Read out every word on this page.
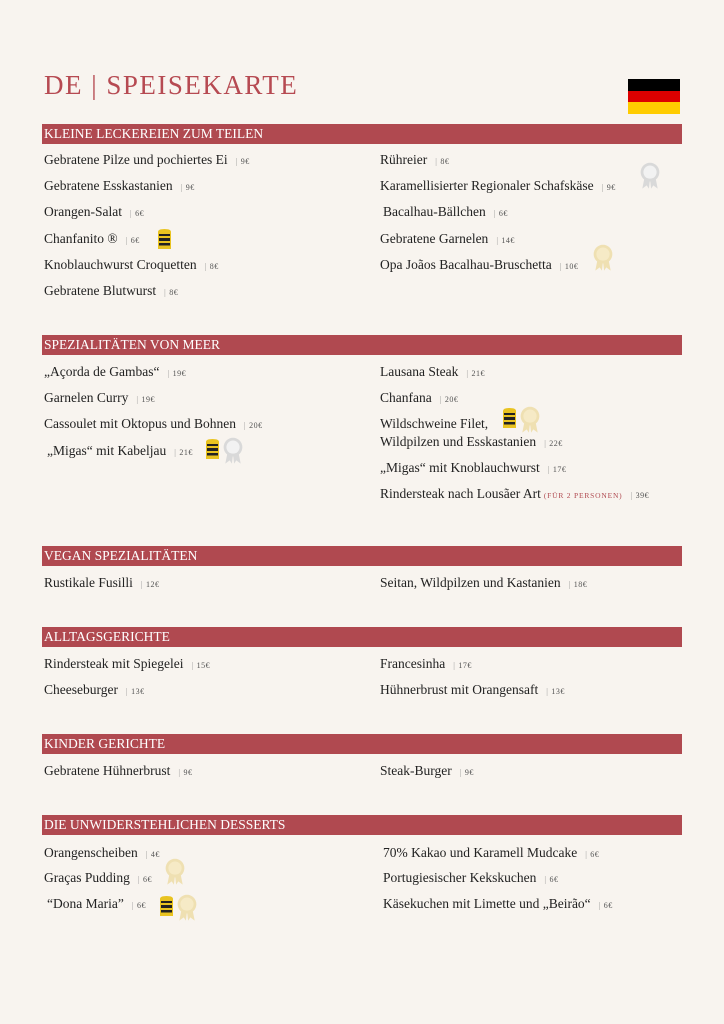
DE | SPEISEKARTE
KLEINE LECKEREIEN ZUM TEILEN
Gebratene Pilze und pochiertes Ei | 9€
Gebratene Esskastanien | 9€
Orangen-Salat | 6€
Chanfanito ® | 6€
Knoblauchwurst Croquetten | 8€
Gebratene Blutwurst | 8€
Rühreier | 8€
Karamellisierter Regionaler Schafskäse | 9€
Bacalhau-Bällchen | 6€
Gebratene Garnelen | 14€
Opa Joãos Bacalhau-Bruschetta | 10€
SPEZIALITÄTEN VON MEER
„Açorda de Gambas“ | 19€
Garnelen Curry | 19€
Cassoulet mit Oktopus und Bohnen | 20€
„Migas“ mit Kabeljau | 21€
Lausana Steak | 21€
Chanfana | 20€
Wildschweine Filet,
Wildpilzen und Esskastanien | 22€
„Migas“ mit Knoblauchwurst | 17€
Rindersteak nach Lousãer Art (FÜR 2 PERSONEN) | 39€
VEGAN SPEZIALITÄTEN
Rustikale Fusilli | 12€	Seitan, Wildpilzen und Kastanien | 18€
ALLTAGSGERICHTE
Rindersteak mit Spiegelei | 15€
Cheeseburger | 13€
Francesinha | 17€
Hühnerbrust mit Orangensaft | 13€
KINDER GERICHTE
Gebratene Hühnerbrust | 9€	Steak-Burger | 9€
DIE UNWIDERSTEHLICHEN DESSERTS
Orangenscheiben | 4€
Graças Pudding | 6€
“Dona Maria” | 6€
70% Kakao und Karamell Mudcake | 6€
Portugiesischer Kekskuchen | 6€
Käsekuchen mit Limette und „Beirão“ | 6€
